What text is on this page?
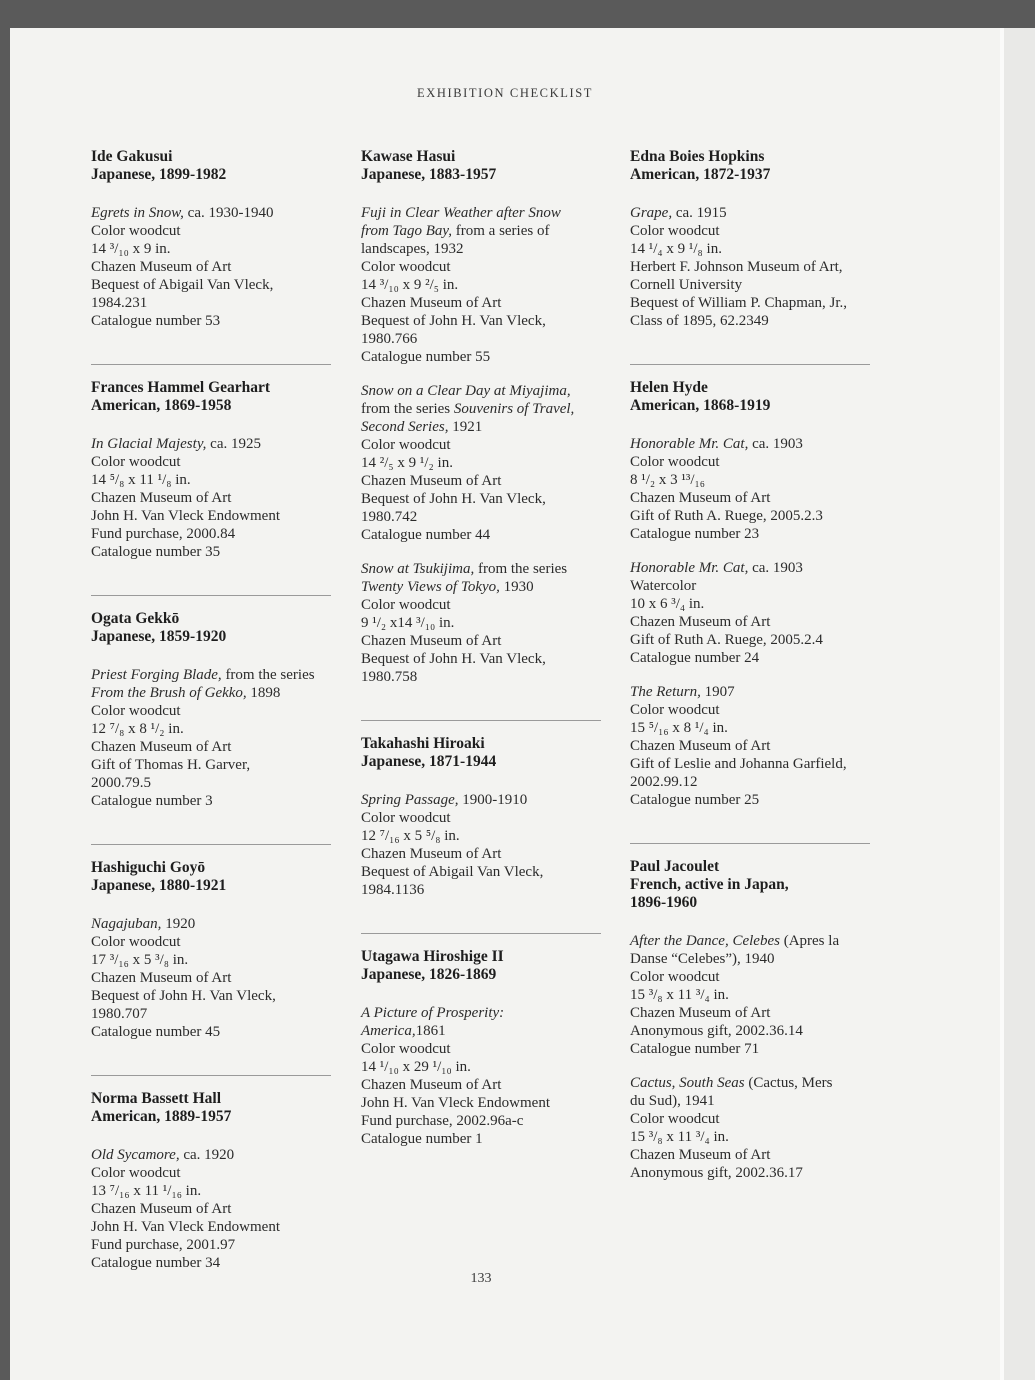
EXHIBITION CHECKLIST
Ide Gakusui
Japanese, 1899-1982
Egrets in Snow, ca. 1930-1940
Color woodcut
14 ³/₁₀ x 9 in.
Chazen Museum of Art
Bequest of Abigail Van Vleck,
1984.231
Catalogue number 53
Frances Hammel Gearhart
American, 1869-1958
In Glacial Majesty, ca. 1925
Color woodcut
14 ⁵/₈ x 11 ¹/₈ in.
Chazen Museum of Art
John H. Van Vleck Endowment
Fund purchase, 2000.84
Catalogue number 35
Ogata Gekkō
Japanese, 1859-1920
Priest Forging Blade, from the series
From the Brush of Gekko, 1898
Color woodcut
12 ⁷/₈ x 8 ¹/₂ in.
Chazen Museum of Art
Gift of Thomas H. Garver,
2000.79.5
Catalogue number 3
Hashiguchi Goyō
Japanese, 1880-1921
Nagajuban, 1920
Color woodcut
17 ³/₁₆ x 5 ³/₈ in.
Chazen Museum of Art
Bequest of John H. Van Vleck,
1980.707
Catalogue number 45
Norma Bassett Hall
American, 1889-1957
Old Sycamore, ca. 1920
Color woodcut
13 ⁷/₁₆ x 11 ¹/₁₆ in.
Chazen Museum of Art
John H. Van Vleck Endowment
Fund purchase, 2001.97
Catalogue number 34
Kawase Hasui
Japanese, 1883-1957
Fuji in Clear Weather after Snow
from Tago Bay, from a series of
landscapes, 1932
Color woodcut
14 ³/₁₀ x 9 ²/₅ in.
Chazen Museum of Art
Bequest of John H. Van Vleck,
1980.766
Catalogue number 55
Snow on a Clear Day at Miyajima,
from the series Souvenirs of Travel,
Second Series, 1921
Color woodcut
14 ²/₅ x 9 ¹/₂ in.
Chazen Museum of Art
Bequest of John H. Van Vleck,
1980.742
Catalogue number 44
Snow at Tsukijima, from the series
Twenty Views of Tokyo, 1930
Color woodcut
9 ¹/₂ x14 ³/₁₀ in.
Chazen Museum of Art
Bequest of John H. Van Vleck,
1980.758
Takahashi Hiroaki
Japanese, 1871-1944
Spring Passage, 1900-1910
Color woodcut
12 ⁷/₁₆ x 5 ⁵/₈ in.
Chazen Museum of Art
Bequest of Abigail Van Vleck,
1984.1136
Utagawa Hiroshige II
Japanese, 1826-1869
A Picture of Prosperity:
America,1861
Color woodcut
14 ¹/₁₀ x 29 ¹/₁₀ in.
Chazen Museum of Art
John H. Van Vleck Endowment
Fund purchase, 2002.96a-c
Catalogue number 1
Edna Boies Hopkins
American, 1872-1937
Grape, ca. 1915
Color woodcut
14 ¹/₄ x 9 ¹/₈ in.
Herbert F. Johnson Museum of Art,
Cornell University
Bequest of William P. Chapman, Jr.,
Class of 1895, 62.2349
Helen Hyde
American, 1868-1919
Honorable Mr. Cat, ca. 1903
Color woodcut
8 ¹/₂ x 3 ¹³/₁₆
Chazen Museum of Art
Gift of Ruth A. Ruege, 2005.2.3
Catalogue number 23
Honorable Mr. Cat, ca. 1903
Watercolor
10 x 6 ³/₄ in.
Chazen Museum of Art
Gift of Ruth A. Ruege, 2005.2.4
Catalogue number 24
The Return, 1907
Color woodcut
15 ⁵/₁₆ x 8 ¹/₄ in.
Chazen Museum of Art
Gift of Leslie and Johanna Garfield,
2002.99.12
Catalogue number 25
Paul Jacoulet
French, active in Japan,
1896-1960
After the Dance, Celebes (Apres la
Danse “Celebes”), 1940
Color woodcut
15 ³/₈ x 11 ³/₄ in.
Chazen Museum of Art
Anonymous gift, 2002.36.14
Catalogue number 71
Cactus, South Seas (Cactus, Mers
du Sud), 1941
Color woodcut
15 ³/₈ x 11 ³/₄ in.
Chazen Museum of Art
Anonymous gift, 2002.36.17
133
